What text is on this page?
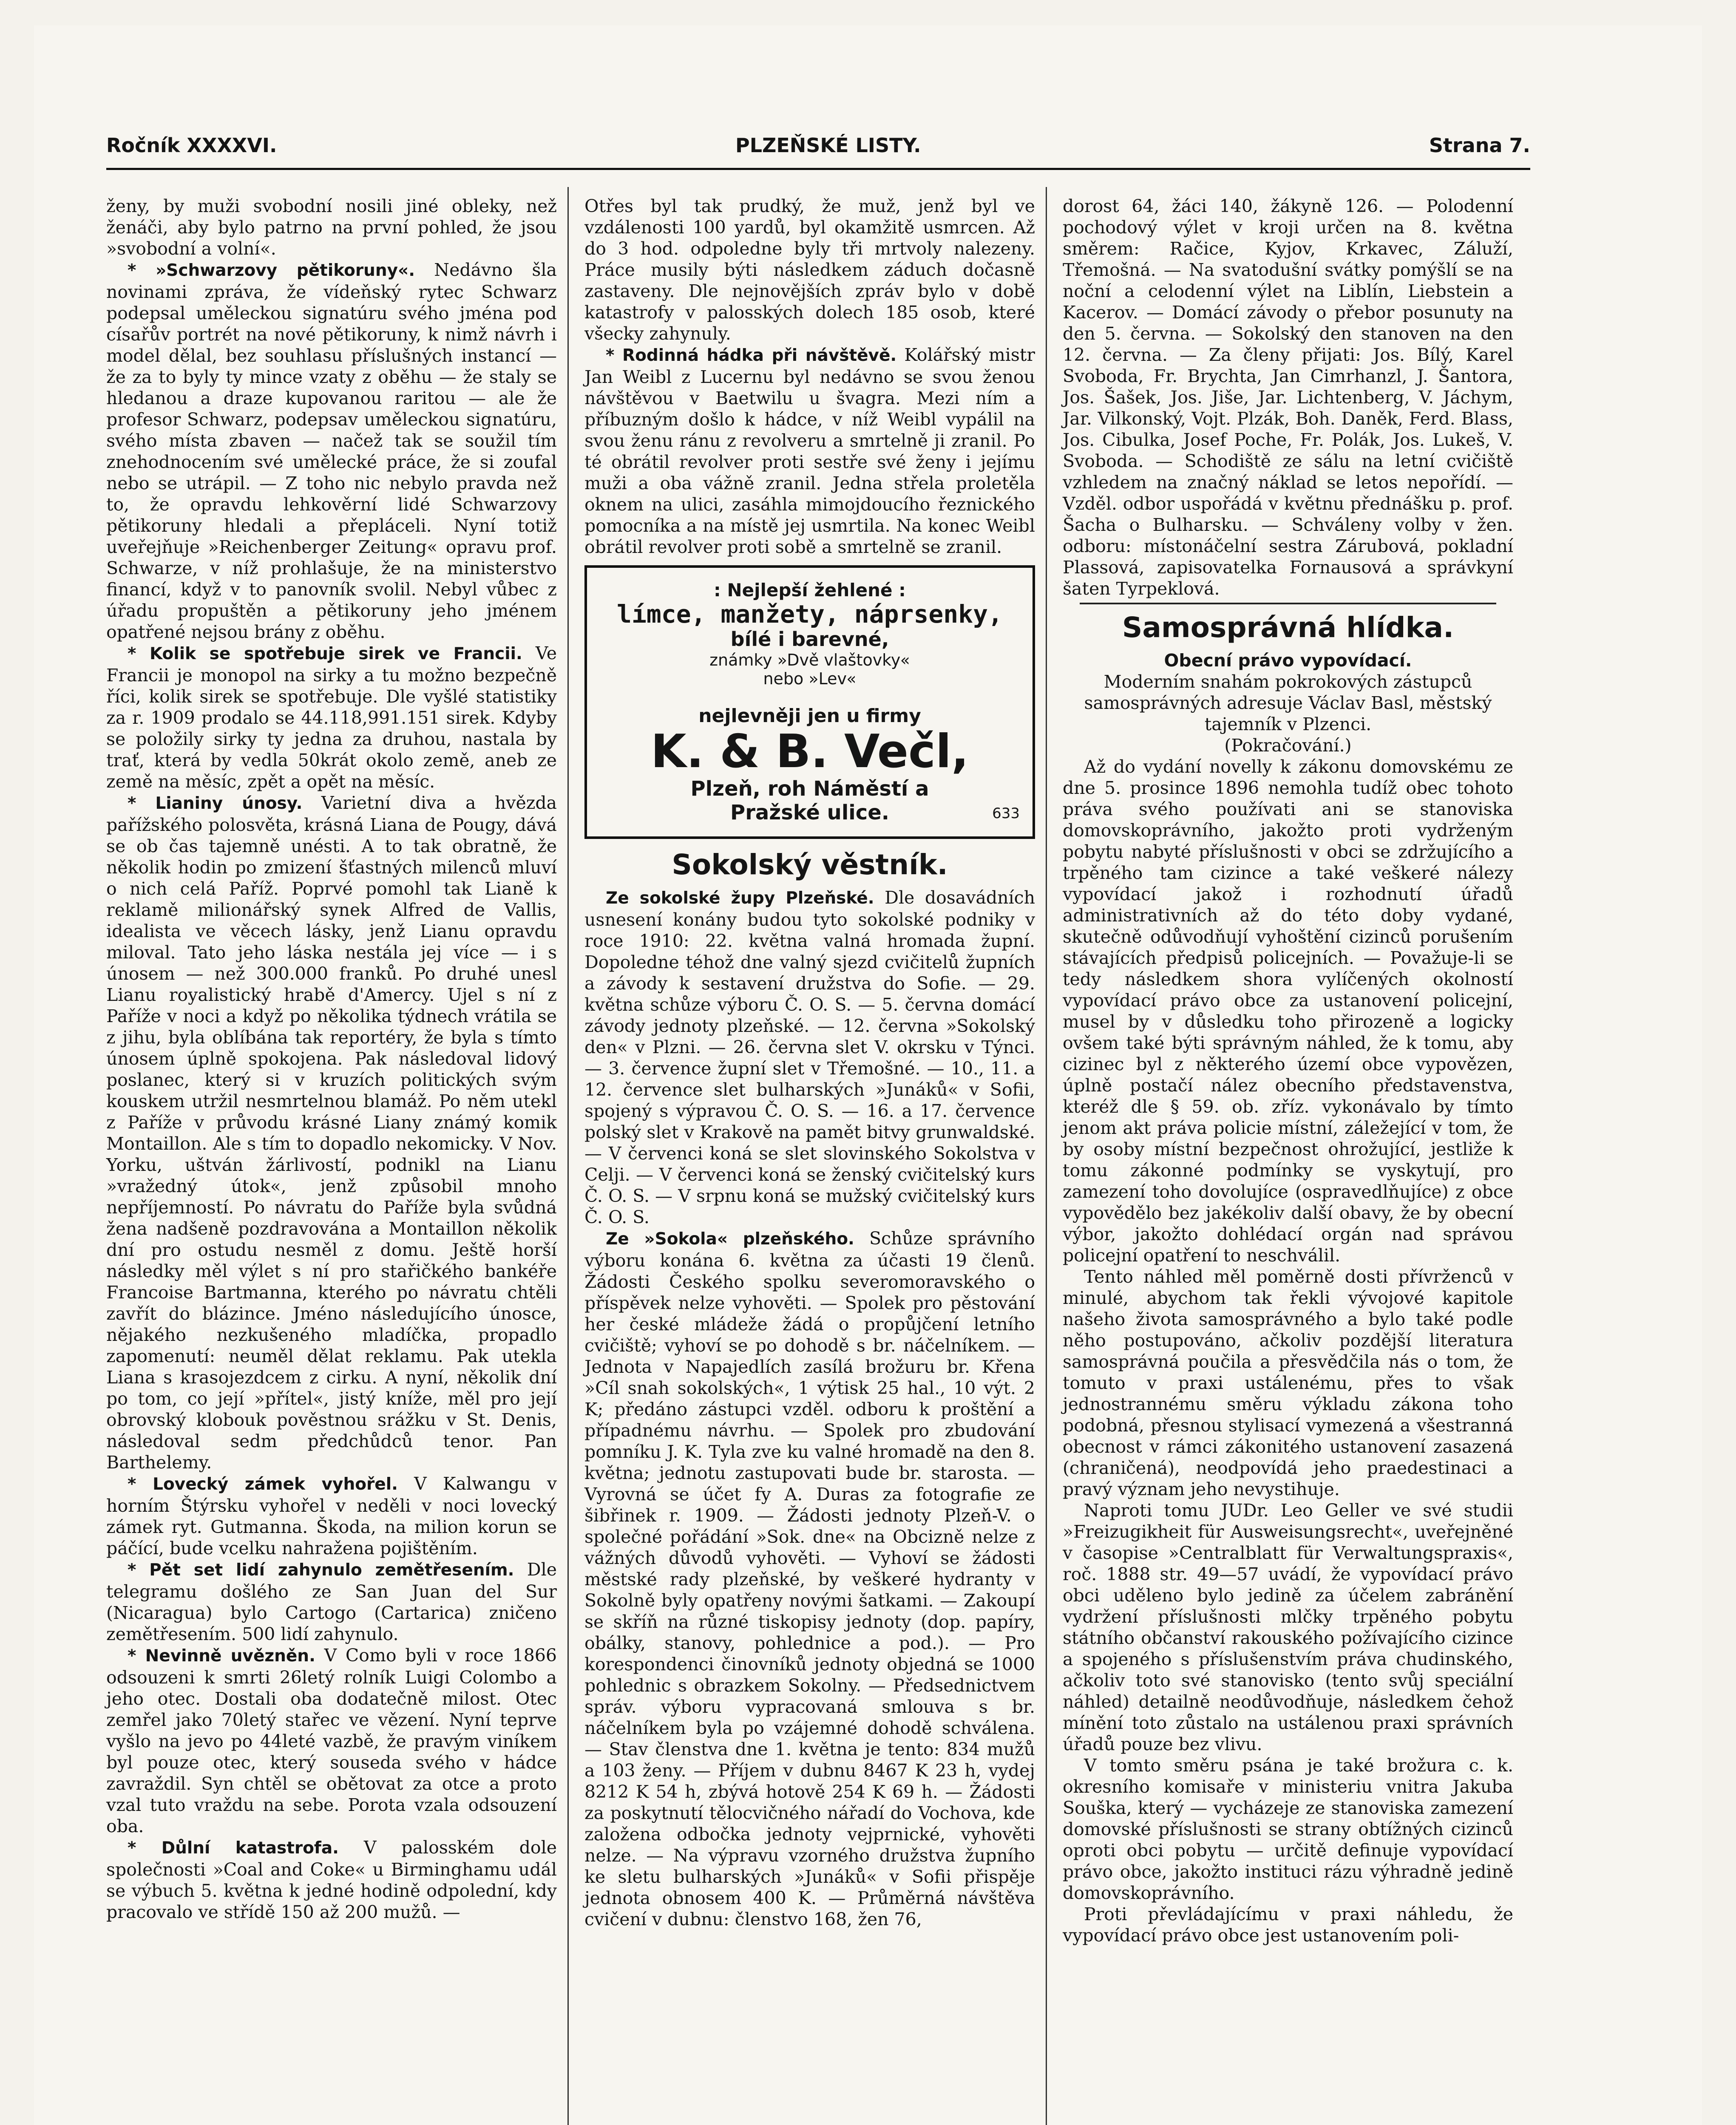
Ročník XXXXVI.	PLZEŇSKÉ LISTY.	Strana 7.

ženy, by muži svobodní nosili jiné obleky, než ženáči, aby bylo patrno na první pohled, že jsou »svobodní a volní«.

* »Schwarzovy pětikoruny«. Nedávno šla novinami zpráva, že vídeňský rytec Schwarz podepsal uměleckou signatúru svého jména pod císařův portrét na nové pětikoruny, k nimž návrh i model dělal, bez souhlasu příslušných instancí — že za to byly ty mince vzaty z oběhu — že staly se hledanou a draze kupovanou raritou — ale že profesor Schwarz, podepsav uměleckou signatúru, svého místa zbaven — načež tak se soužil tím znehodnocením své umělecké práce, že si zoufal nebo se utrápil. — Z toho nic nebylo pravda než to, že opravdu lehkověrní lidé Schwarzovy pětikoruny hledali a přepláceli. Nyní totiž uveřejňuje »Reichenberger Zeitung« opravu prof. Schwarze, v níž prohlašuje, že na ministerstvo financí, když v to panovník svolil. Nebyl vůbec z úřadu propuštěn a pětikoruny jeho jménem opatřené nejsou brány z oběhu.

* Kolik se spotřebuje sirek ve Francii. Ve Francii je monopol na sirky a tu možno bezpečně říci, kolik sirek se spotřebuje. Dle vyšlé statistiky za r. 1909 prodalo se 44.118,991.151 sirek. Kdyby se položily sirky ty jedna za druhou, nastala by trať, která by vedla 50krát okolo země, aneb ze země na měsíc, zpět a opět na měsíc.

* Lianiny únosy. Varietní diva a hvězda pařížského polosvěta, krásná Liana de Pougy, dává se ob čas tajemně unésti. A to tak obratně, že několik hodin po zmizení šťastných milenců mluví o nich celá Paříž. Poprvé pomohl tak Lianě k reklamě milionářský synek Alfred de Vallis, idealista ve věcech lásky, jenž Lianu opravdu miloval. Tato jeho láska nestála jej více — i s únosem — než 300.000 franků. Po druhé unesl Lianu royalistický hrabě d'Amercy. Ujel s ní z Paříže v noci a když po několika týdnech vrátila se z jihu, byla oblíbána tak reportéry, že byla s tímto únosem úplně spokojena. Pak následoval lidový poslanec, který si v kruzích politických svým kouskem utržil nesmrtelnou blamáž. Po něm utekl z Paříže v průvodu krásné Liany známý komik Montaillon. Ale s tím to dopadlo nekomicky. V Nov. Yorku, uštván žárlivostí, podnikl na Lianu »vražedný útok«, jenž způsobil mnoho nepříjemností. Po návratu do Paříže byla svůdná žena nadšeně pozdravována a Montaillon několik dní pro ostudu nesměl z domu. Ještě horší následky měl výlet s ní pro stařičkého bankéře Francoise Bartmanna, kterého po návratu chtěli zavřít do blázince. Jméno následujícího únosce, nějakého nezkušeného mladíčka, propadlo zapomenutí: neuměl dělat reklamu. Pak utekla Liana s krasojezdcem z cirku. A nyní, několik dní po tom, co její »přítel«, jistý kníže, měl pro její obrovský klobouk pověstnou srážku v St. Denis, následoval sedm předchůdců tenor. Pan Barthelemy.

* Lovecký zámek vyhořel. V Kalwangu v horním Štýrsku vyhořel v neděli v noci lovecký zámek ryt. Gutmanna. Škoda, na milion korun se páčící, bude vcelku nahražena pojištěním.

* Pět set lidí zahynulo zemětřesením. Dle telegramu došlého ze San Juan del Sur (Nicaragua) bylo Cartogo (Cartarica) zničeno zemětřesením. 500 lidí zahynulo.

* Nevinně uvězněn. V Como byli v roce 1866 odsouzeni k smrti 26letý rolník Luigi Colombo a jeho otec. Dostali oba dodatečně milost. Otec zemřel jako 70letý stařec ve vězení. Nyní teprve vyšlo na jevo po 44leté vazbě, že pravým viníkem byl pouze otec, který souseda svého v hádce zavraždil. Syn chtěl se obětovat za otce a proto vzal tuto vraždu na sebe. Porota vzala odsouzení oba.

* Důlní katastrofa. V palosském dole společnosti »Coal and Coke« u Birminghamu udál se výbuch 5. května k jedné hodině odpolední, kdy pracovalo ve střídě 150 až 200 mužů. —

Otřes byl tak prudký, že muž, jenž byl ve vzdálenosti 100 yardů, byl okamžitě usmrcen. Až do 3 hod. odpoledne byly tři mrtvoly nalezeny. Práce musily býti následkem záduch dočasně zastaveny. Dle nejnovějších zpráv bylo v době katastrofy v palosských dolech 185 osob, které všecky zahynuly.

* Rodinná hádka při návštěvě. Kolářský mistr Jan Weibl z Lucernu byl nedávno se svou ženou návštěvou v Baetwilu u švagra. Mezi ním a příbuzným došlo k hádce, v níž Weibl vypálil na svou ženu ránu z revolveru a smrtelně ji zranil. Po té obrátil revolver proti sestře své ženy i jejímu muži a oba vážně zranil. Jedna střela proletěla oknem na ulici, zasáhla mimojdoucího řeznického pomocníka a na místě jej usmrtila. Na konec Weibl obrátil revolver proti sobě a smrtelně se zranil.

: Nejlepší žehlené :
límce, manžety, náprsenky,
bílé i barevné,
známky »Dvě vlaštovky«
nebo »Lev«
nejlevněji jen u firmy
K. & B. Večl,
Plzeň, roh Náměstí a
Pražské ulice.	633
Sokolský věstník.

Ze sokolské župy Plzeňské. Dle dosavádních usnesení konány budou tyto sokolské podniky v roce 1910: 22. května valná hromada župní. Dopoledne téhož dne valný sjezd cvičitelů župních a závody k sestavení družstva do Sofie. — 29. května schůze výboru Č. O. S. — 5. června domácí závody jednoty plzeňské. — 12. června »Sokolský den« v Plzni. — 26. června slet V. okrsku v Týnci. — 3. července župní slet v Třemošné. — 10., 11. a 12. července slet bulharských »Junáků« v Sofii, spojený s výpravou Č. O. S. — 16. a 17. července polský slet v Krakově na pamět bitvy grunwaldské. — V červenci koná se slet slovinského Sokolstva v Celji. — V červenci koná se ženský cvičitelský kurs Č. O. S. — V srpnu koná se mužský cvičitelský kurs Č. O. S.

Ze »Sokola« plzeňského. Schůze správního výboru konána 6. května za účasti 19 členů. Žádosti Českého spolku severomoravského o příspěvek nelze vyhověti. — Spolek pro pěstování her české mládeže žádá o propůjčení letního cvičiště; vyhoví se po dohodě s br. náčelníkem. — Jednota v Napajedlích zasílá brožuru br. Křena »Cíl snah sokolských«, 1 výtisk 25 hal., 10 výt. 2 K; předáno zástupci vzděl. odboru k proštění a případnému návrhu. — Spolek pro zbudování pomníku J. K. Tyla zve ku valné hromadě na den 8. května; jednotu zastupovati bude br. starosta. — Vyrovná se účet fy A. Duras za fotografie ze šibřinek r. 1909. — Žádosti jednoty Plzeň-V. o společné pořádání »Sok. dne« na Obcizně nelze z vážných důvodů vyhověti. — Vyhoví se žádosti městské rady plzeňské, by veškeré hydranty v Sokolně byly opatřeny novými šatkami. — Zakoupí se skříň na různé tiskopisy jednoty (dop. papíry, obálky, stanovy, pohlednice a pod.). — Pro korespondenci činovníků jednoty objedná se 1000 pohlednic s obrazkem Sokolny. — Předsednictvem správ. výboru vypracovaná smlouva s br. náčelníkem byla po vzájemné dohodě schválena. — Stav členstva dne 1. května je tento: 834 mužů a 103 ženy. — Příjem v dubnu 8467 K 23 h, vydej 8212 K 54 h, zbývá hotově 254 K 69 h. — Žádosti za poskytnutí tělocvičného nářadí do Vochova, kde založena odbočka jednoty vejprnické, vyhověti nelze. — Na výpravu vzorného družstva župního ke sletu bulharských »Junáků« v Sofii přispěje jednota obnosem 400 K. — Průměrná návštěva cvičení v dubnu: členstvo 168, žen 76,

dorost 64, žáci 140, žákyně 126. — Polodenní pochodový výlet v kroji určen na 8. května směrem: Račice, Kyjov, Krkavec, Záluží, Třemošná. — Na svatodušní svátky pomýšlí se na noční a celodenní výlet na Liblín, Liebstein a Kacerov. — Domácí závody o přebor posunuty na den 5. června. — Sokolský den stanoven na den 12. června. — Za členy přijati: Jos. Bílý, Karel Svoboda, Fr. Brychta, Jan Cimrhanzl, J. Šantora, Jos. Šašek, Jos. Jiše, Jar. Lichtenberg, V. Jáchym, Jar. Vilkonský, Vojt. Plzák, Boh. Daněk, Ferd. Blass, Jos. Cibulka, Josef Poche, Fr. Polák, Jos. Lukeš, V. Svoboda. — Schodiště ze sálu na letní cvičiště vzhledem na značný náklad se letos nepořídí. — Vzděl. odbor uspořádá v květnu přednášku p. prof. Šacha o Bulharsku. — Schváleny volby v žen. odboru: místonáčelní sestra Zárubová, pokladní Plassová, zapisovatelka Fornausová a správkyní šaten Tyrpeklová.

Samosprávná hlídka.

Obecní právo vypovídací.

Moderním snahám pokrokových zástupců samosprávných adresuje Václav Basl, městský tajemník v Plzenci.

(Pokračování.)

Až do vydání novelly k zákonu domovskému ze dne 5. prosince 1896 nemohla tudíž obec tohoto práva svého používati ani se stanoviska domovskoprávního, jakožto proti vydrženým pobytu nabyté příslušnosti v obci se zdržujícího a trpěného tam cizince a také veškeré nálezy vypovídací jakož i rozhodnutí úřadů administrativních až do této doby vydané, skutečně odůvodňují vyhoštění cizinců porušením stávajících předpisů policejních. — Považuje-li se tedy následkem shora vylíčených okolností vypovídací právo obce za ustanovení policejní, musel by v důsledku toho přirozeně a logicky ovšem také býti správným náhled, že k tomu, aby cizinec byl z některého území obce vypovězen, úplně postačí nález obecního představenstva, kteréž dle § 59. ob. zříz. vykonávalo by tímto jenom akt práva policie místní, záležející v tom, že by osoby místní bezpečnost ohrožující, jestliže k tomu zákonné podmínky se vyskytují, pro zamezení toho dovolujíce (ospravedlňujíce) z obce vypovědělo bez jakékoliv další obavy, že by obecní výbor, jakožto dohlédací orgán nad správou policejní opatření to neschválil.

Tento náhled měl poměrně dosti přívrženců v minulé, abychom tak řekli vývojové kapitole našeho života samosprávného a bylo také podle něho postupováno, ačkoliv pozdější literatura samosprávná poučila a přesvědčila nás o tom, že tomuto v praxi ustálenému, přes to však jednostrannému směru výkladu zákona toho podobná, přesnou stylisací vymezená a všestranná obecnost v rámci zákonitého ustanovení zasazená (chraničená), neodpovídá jeho praedestinaci a pravý význam jeho nevystihuje.

Naproti tomu JUDr. Leo Geller ve své studii »Freizugikheit für Ausweisungsrecht«, uveřejněné v časopise »Centralblatt für Verwaltungspraxis«, roč. 1888 str. 49—57 uvádí, že vypovídací právo obci uděleno bylo jedině za účelem zabránění vydržení příslušnosti mlčky trpěného pobytu státního občanství rakouského požívajícího cizince a spojeného s příslušenstvím práva chudinského, ačkoliv toto své stanovisko (tento svůj speciální náhled) detailně neodůvodňuje, následkem čehož mínění toto zůstalo na ustálenou praxi správních úřadů pouze bez vlivu.

V tomto směru psána je také brožura c. k. okresního komisaře v ministeriu vnitra Jakuba Souška, který — vycházeje ze stanoviska zamezení domovské příslušnosti se strany obtížných cizinců oproti obci pobytu — určitě definuje vypovídací právo obce, jakožto instituci rázu výhradně jedině domovskoprávního.

Proti převládajícímu v praxi náhledu, že vypovídací právo obce jest ustanovením poli-
